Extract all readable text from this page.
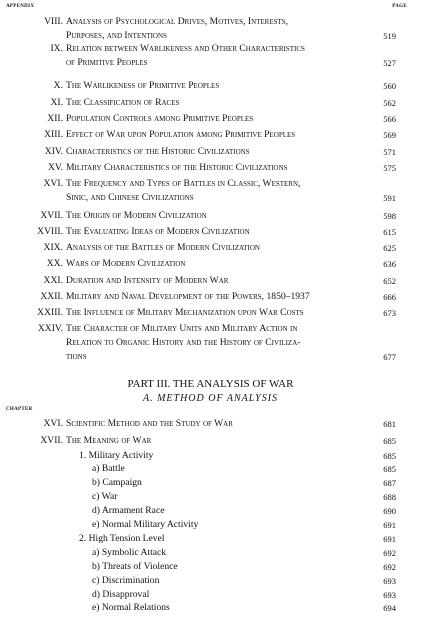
APPENDIX	PAGE
VIII. Analysis of Psychological Drives, Motives, Interests,
Purposes, and Intentions	519
IX. Relation between Warlikeness and Other Characteristics
of Primitive Peoples	527
X. The Warlikeness of Primitive Peoples	560
XI. The Classification of Races	562
XII. Population Controls among Primitive Peoples	566
XIII. Effect of War upon Population among Primitive Peoples	569
XIV. Characteristics of the Historic Civilizations	571
XV. Military Characteristics of the Historic Civilizations	575
XVI. The Frequency and Types of Battles in Classic, Western,
Sinic, and Chinese Civilizations	591
XVII. The Origin of Modern Civilization	598
XVIII. The Evaluating Ideas of Modern Civilization	615
XIX. Analysis of the Battles of Modern Civilization	625
XX. Wars of Modern Civilization	636
XXI. Duration and Intensity of Modern War	652
XXII. Military and Naval Development of the Powers, 1850–1937	666
XXIII. The Influence of Military Mechanization upon War Costs	673
XXIV. The Character of Military Units and Military Action in
Relation to Organic History and the History of Civiliza-
tions	677
PART III. THE ANALYSIS OF WAR
A. METHOD OF ANALYSIS
CHAPTER
XVI. Scientific Method and the Study of War	681
XVII. The Meaning of War	685
1. Military Activity	685
a) Battle	685
b) Campaign	687
c) War	688
d) Armament Race	690
e) Normal Military Activity	691
2. High Tension Level	691
a) Symbolic Attack	692
b) Threats of Violence	692
c) Discrimination	693
d) Disapproval	693
e) Normal Relations	694
